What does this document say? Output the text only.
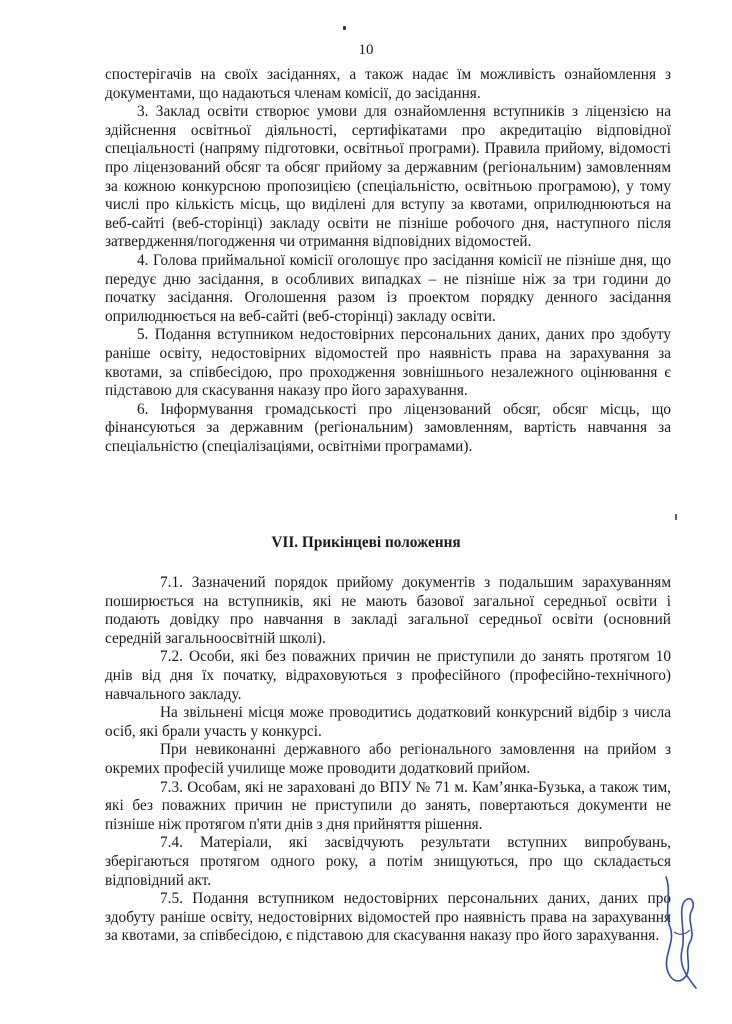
10

спостерігачів на своїх засіданнях, а також надає їм можливість ознайомлення з документами, що надаються членам комісії, до засідання.

3. Заклад освіти створює умови для ознайомлення вступників з ліцензією на здійснення освітньої діяльності, сертифікатами про акредитацію відповідної спеціальності (напряму підготовки, освітньої програми). Правила прийому, відомості про ліцензований обсяг та обсяг прийому за державним (регіональним) замовленням за кожною конкурсною пропозицією (спеціальністю, освітньою програмою), у тому числі про кількість місць, що виділені для вступу за квотами, оприлюднюються на веб-сайті (веб-сторінці) закладу освіти не пізніше робочого дня, наступного після затвердження/погодження чи отримання відповідних відомостей.

4. Голова приймальної комісії оголошує про засідання комісії не пізніше дня, що передує дню засідання, в особливих випадках – не пізніше ніж за три години до початку засідання. Оголошення разом із проектом порядку денного засідання оприлюднюється на веб-сайті (веб-сторінці) закладу освіти.

5. Подання вступником недостовірних персональних даних, даних про здобуту раніше освіту, недостовірних відомостей про наявність права на зарахування за квотами, за співбесідою, про проходження зовнішнього незалежного оцінювання є підставою для скасування наказу про його зарахування.

6. Інформування громадськості про ліцензований обсяг, обсяг місць, що фінансуються за державним (регіональним) замовленням, вартість навчання за спеціальністю (спеціалізаціями, освітніми програмами).

VІІ. Прикінцеві положення

7.1. Зазначений порядок прийому документів з подальшим зарахуванням поширюється на вступників, які не мають базової загальної середньої освіти і подають довідку про навчання в закладі загальної середньої освіти (основний середній загальноосвітній школі).

7.2. Особи, які без поважних причин не приступили до занять протягом 10 днів від дня їх початку, відраховуються з професійного (професійно-технічного) навчального закладу.

На звільнені місця може проводитись додатковий конкурсний відбір з числа осіб, які брали участь у конкурсі.

При невиконанні державного або регіонального замовлення на прийом з окремих професій училище може проводити додатковий прийом.

7.3. Особам, які не зараховані до ВПУ № 71 м. Кам’янка-Бузька, а також тим, які без поважних причин не приступили до занять, повертаються документи не пізніше ніж протягом п'яти днів з дня прийняття рішення.

7.4. Матеріали, які засвідчують результати вступних випробувань, зберігаються протягом одного року, а потім знищуються, про що складається відповідний акт.

7.5. Подання вступником недостовірних персональних даних, даних про здобуту раніше освіту, недостовірних відомостей про наявність права на зарахування за квотами, за співбесідою, є підставою для скасування наказу про його зарахування.
